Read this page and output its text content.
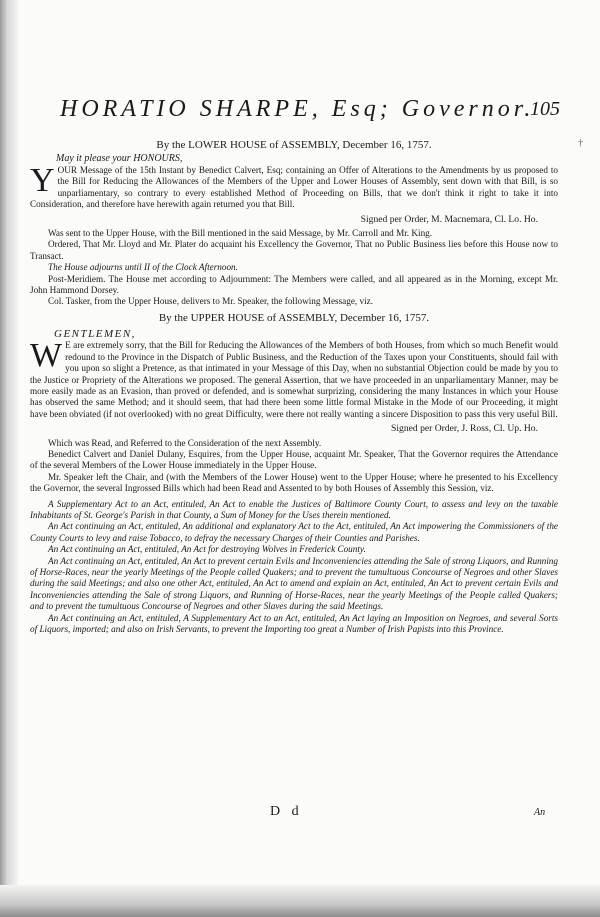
HORATIO SHARPE, Esq; Governor.
105
†

By the LOWER HOUSE of ASSEMBLY, December 16, 1757.

May it please your HONOURS,

YOUR Message of the 15th Instant by Benedict Calvert, Esq; containing an Offer of Alterations to the Amendments by us proposed to the Bill for Reducing the Allowances of the Members of the Upper and Lower Houses of Assembly, sent down with that Bill, is so unparliamentary, so contrary to every established Method of Proceeding on Bills, that we don't think it right to take it into Consideration, and therefore have herewith again returned you that Bill.

Signed per Order, M. Macnemara, Cl. Lo. Ho.

Was sent to the Upper House, with the Bill mentioned in the said Message, by Mr. Carroll and Mr. King.

Ordered, That Mr. Lloyd and Mr. Plater do acquaint his Excellency the Governor, That no Public Business lies before this House now to Transact.

The House adjourns until II of the Clock Afternoon.

Post-Meridiem. The House met according to Adjournment: The Members were called, and all appeared as in the Morning, except Mr. John Hammond Dorsey.

Col. Tasker, from the Upper House, delivers to Mr. Speaker, the following Message, viz.

By the UPPER HOUSE of ASSEMBLY, December 16, 1757.

GENTLEMEN,

W E are extremely sorry, that the Bill for Reducing the Allowances of the Members of both Houses, from which so much Benefit would redound to the Province in the Dispatch of Public Business, and the Reduction of the Taxes upon your Constituents, should fail with you upon so slight a Pretence, as that intimated in your Message of this Day, when no substantial Objection could be made by you to the Justice or Propriety of the Alterations we proposed. The general Assertion, that we have proceeded in an unparliamentary Manner, may be more easily made as an Evasion, than proved or defended, and is somewhat surprizing, considering the many Instances in which your House has observed the same Method; and it should seem, that had there been some little formal Mistake in the Mode of our Proceeding, it might have been obviated (if not overlooked) with no great Difficulty, were there not really wanting a sincere Disposition to pass this very useful Bill.

Signed per Order, J. Ross, Cl. Up. Ho.

Which was Read, and Referred to the Consideration of the next Assembly.

Benedict Calvert and Daniel Dulany, Esquires, from the Upper House, acquaint Mr. Speaker, That the Governor requires the Attendance of the several Members of the Lower House immediately in the Upper House.

Mr. Speaker left the Chair, and (with the Members of the Lower House) went to the Upper House; where he presented to his Excellency the Governor, the several Ingrossed Bills which had been Read and Assented to by both Houses of Assembly this Session, viz.

A Supplementary Act to an Act, entituled, An Act to enable the Justices of Baltimore County Court, to assess and levy on the taxable Inhabitants of St. George's Parish in that County, a Sum of Money for the Uses therein mentioned.

An Act continuing an Act, entituled, An additional and explanatory Act to the Act, entituled, An Act impowering the Commissioners of the County Courts to levy and raise Tobacco, to defray the necessary Charges of their Counties and Parishes.

An Act continuing an Act, entituled, An Act for destroying Wolves in Frederick County.

An Act continuing an Act, entituled, An Act to prevent certain Evils and Inconveniencies attending the Sale of strong Liquors, and Running of Horse-Races, near the yearly Meetings of the People called Quakers; and to prevent the tumultuous Concourse of Negroes and other Slaves during the said Meetings; and also one other Act, entituled, An Act to amend and explain an Act, entituled, An Act to prevent certain Evils and Inconveniencies attending the Sale of strong Liquors, and Running of Horse-Races, near the yearly Meetings of the People called Quakers; and to prevent the tumultuous Concourse of Negroes and other Slaves during the said Meetings.

An Act continuing an Act, entituled, A Supplementary Act to an Act, entituled, An Act laying an Imposition on Negroes, and several Sorts of Liquors, imported; and also on Irish Servants, to prevent the Importing too great a Number of Irish Papists into this Province.

D d	An
